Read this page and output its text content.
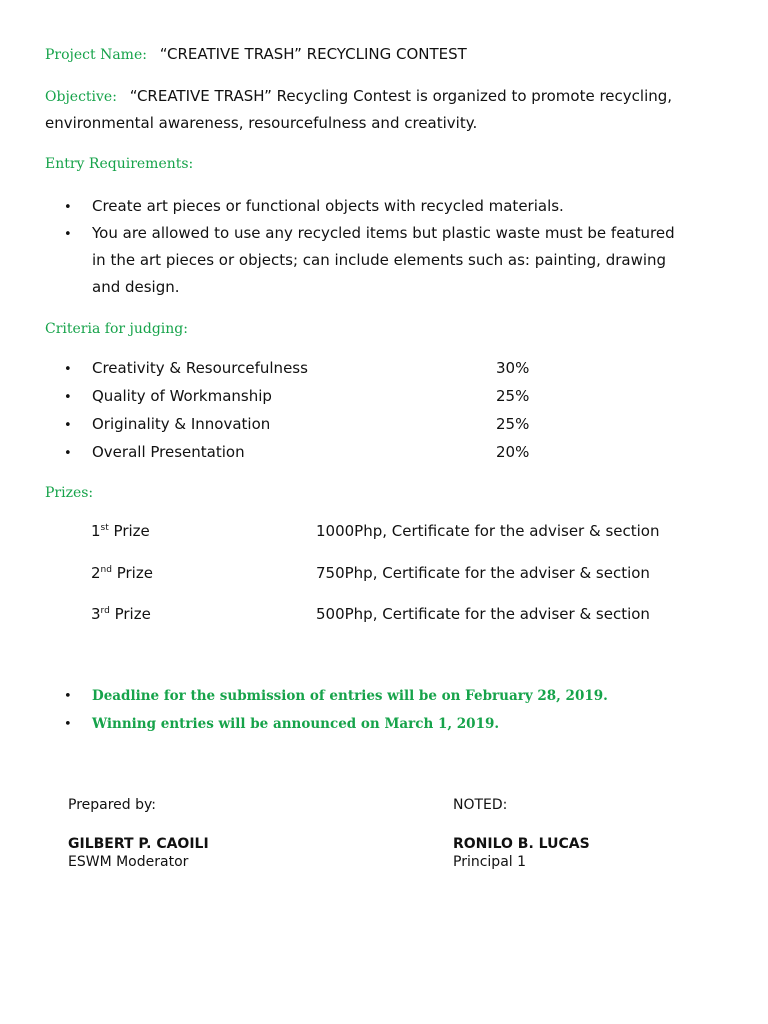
Project Name: “CREATIVE TRASH” RECYCLING CONTEST
Objective: “CREATIVE TRASH” Recycling Contest is organized to promote recycling,
environmental awareness, resourcefulness and creativity.
Entry Requirements:
•
Create art pieces or functional objects with recycled materials.
•
You are allowed to use any recycled items but plastic waste must be featured
in the art pieces or objects; can include elements such as: painting, drawing
and design.
Criteria for judging:
•
Creativity & Resourcefulness	30%
•
Quality of Workmanship	25%
•
Originality & Innovation	25%
•
Overall Presentation	20%
Prizes:
1st Prize	1000Php, Certificate for the adviser & section
2nd Prize	750Php, Certificate for the adviser & section
3rd Prize	500Php, Certificate for the adviser & section
•
Deadline for the submission of entries will be on February 28, 2019.
•
Winning entries will be announced on March 1, 2019.
Prepared by:
GILBERT P. CAOILI
ESWM Moderator
NOTED:
RONILO B. LUCAS
Principal 1
